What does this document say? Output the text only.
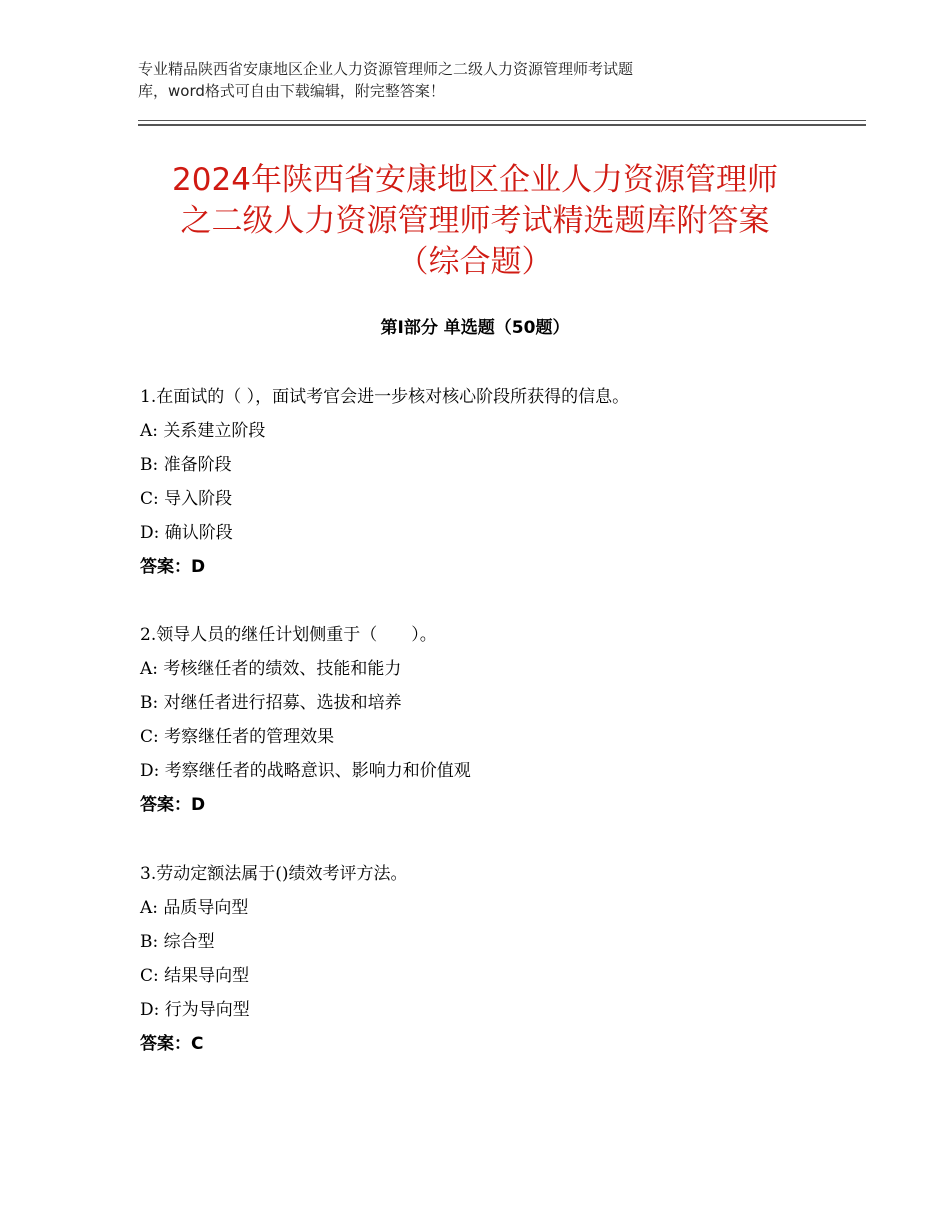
专业精品陕西省安康地区企业人力资源管理师之二级人力资源管理师考试题
库，word格式可自由下载编辑，附完整答案！
2024年陕西省安康地区企业人力资源管理师
之二级人力资源管理师考试精选题库附答案
（综合题）
第Ⅰ部分 单选题（50题）
1.在面试的（ ），面试考官会进一步核对核心阶段所获得的信息。
A: 关系建立阶段
B: 准备阶段
C: 导入阶段
D: 确认阶段
答案：D
2.领导人员的继任计划侧重于（　　）。
A: 考核继任者的绩效、技能和能力
B: 对继任者进行招募、选拔和培养
C: 考察继任者的管理效果
D: 考察继任者的战略意识、影响力和价值观
答案：D
3.劳动定额法属于()绩效考评方法。
A: 品质导向型
B: 综合型
C: 结果导向型
D: 行为导向型
答案：C
